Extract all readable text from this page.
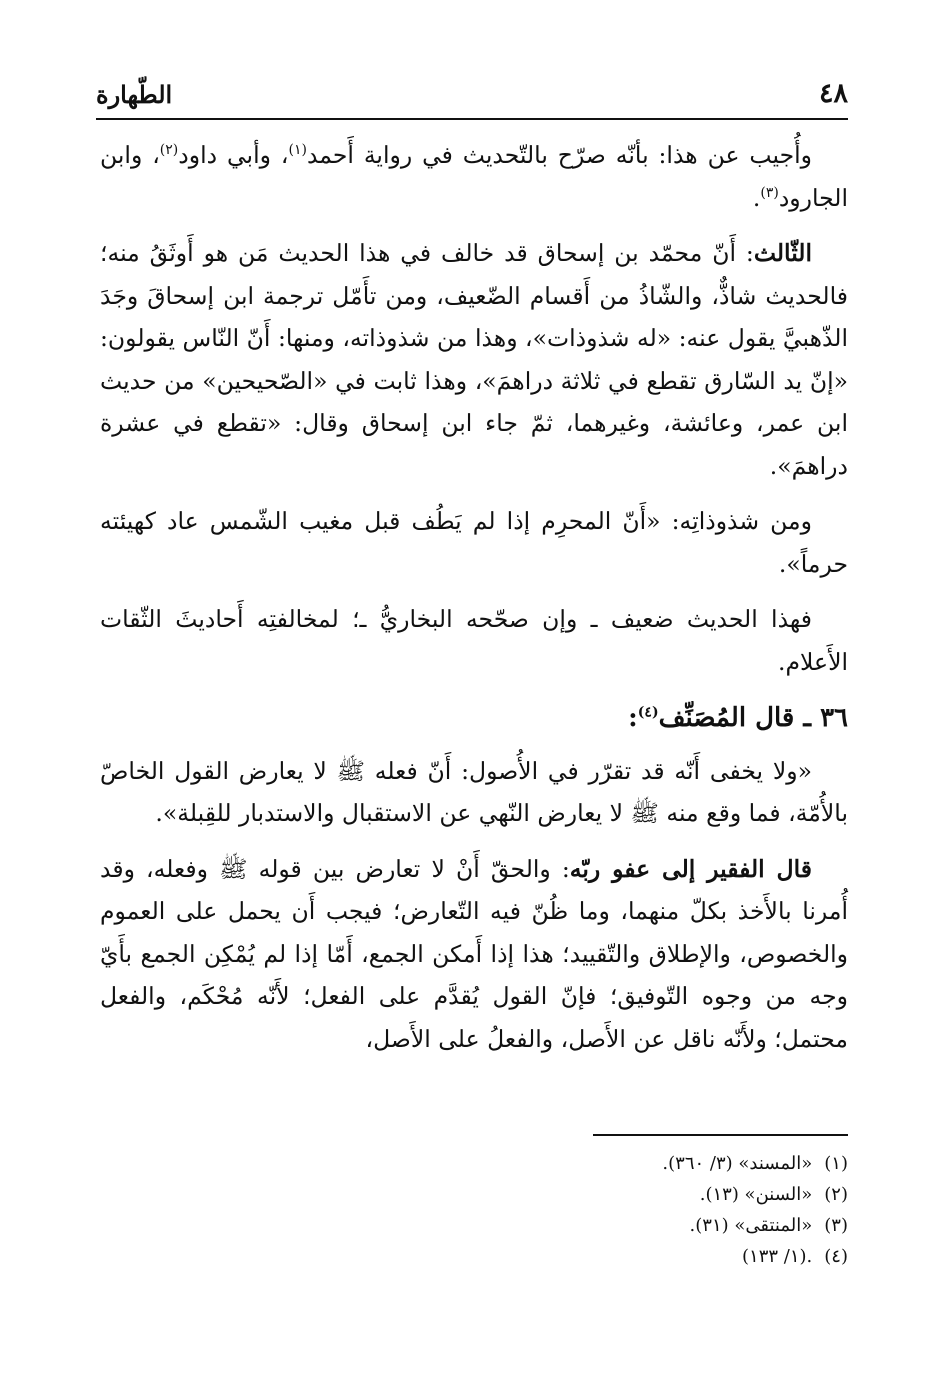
٤٨
الطّهارة

وأُجيب عن هذا: بأنّه صرّح بالتّحديث في رواية أَحمد$^{(١)}$، وأبي داود$^{(٢)}$، وابن الجارود$^{(٣)}$.

الثّالث: أَنّ محمّد بن إسحاق قد خالف في هذا الحديث مَن هو أَوثَقُ منه؛ فالحديث شاذٌّ، والشّاذُ من أَقسام الضّعيف، ومن تأَمّل ترجمة ابن إسحاقَ وجَدَ الذّهبيَّ يقول عنه: «له شذوذات»، وهذا من شذوذاته، ومنها: أَنّ النّاس يقولون: «إنّ يد السّارق تقطع في ثلاثة دراهمَ»، وهذا ثابت في «الصّحيحين» من حديث ابن عمر، وعائشة، وغيرهما، ثمّ جاء ابن إسحاق وقال: «تقطع في عشرة دراهمَ».

ومن شذوذاتِه: «أَنّ المحرِم إذا لم يَطُف قبل مغيب الشّمس عاد كهيئته حرماً».

فهذا الحديث ضعيف ـ وإن صحّحه البخاريُّ ـ؛ لمخالفتِه أَحاديثَ الثّقات الأَعلام.

٣٦ ـ قال المُصَنِّف$^{(٤)}$:

«ولا يخفى أَنّه قد تقرّر في الأُصول: أَنّ فعله ﷺ لا يعارض القول الخاصّ بالأُمّة، فما وقع منه ﷺ لا يعارض النّهي عن الاستقبال والاستدبار للقِبلة».

قال الفقير إلى عفو ربّه: والحقّ أَنْ لا تعارض بين قوله ﷺ وفعله، وقد أُمرنا بالأَخذ بكلّ منهما، وما ظُنّ فيه التّعارض؛ فيجب أَن يحمل على العموم والخصوص، والإطلاق والتّقييد؛ هذا إذا أَمكن الجمع، أَمّا إذا لم يُمْكِن الجمع بأَيّ وجه من وجوه التّوفيق؛ فإنّ القول يُقدَّم على الفعل؛ لأَنّه مُحْكَم، والفعل محتمل؛ ولأَنّه ناقل عن الأَصل، والفعلُ على الأَصل،

(١)«المسند» (٣/ ٣٦٠).
(٢)«السنن» (١٣).
(٣)«المنتقى» (٣١).
(٤)(١/ ١٣٣).
